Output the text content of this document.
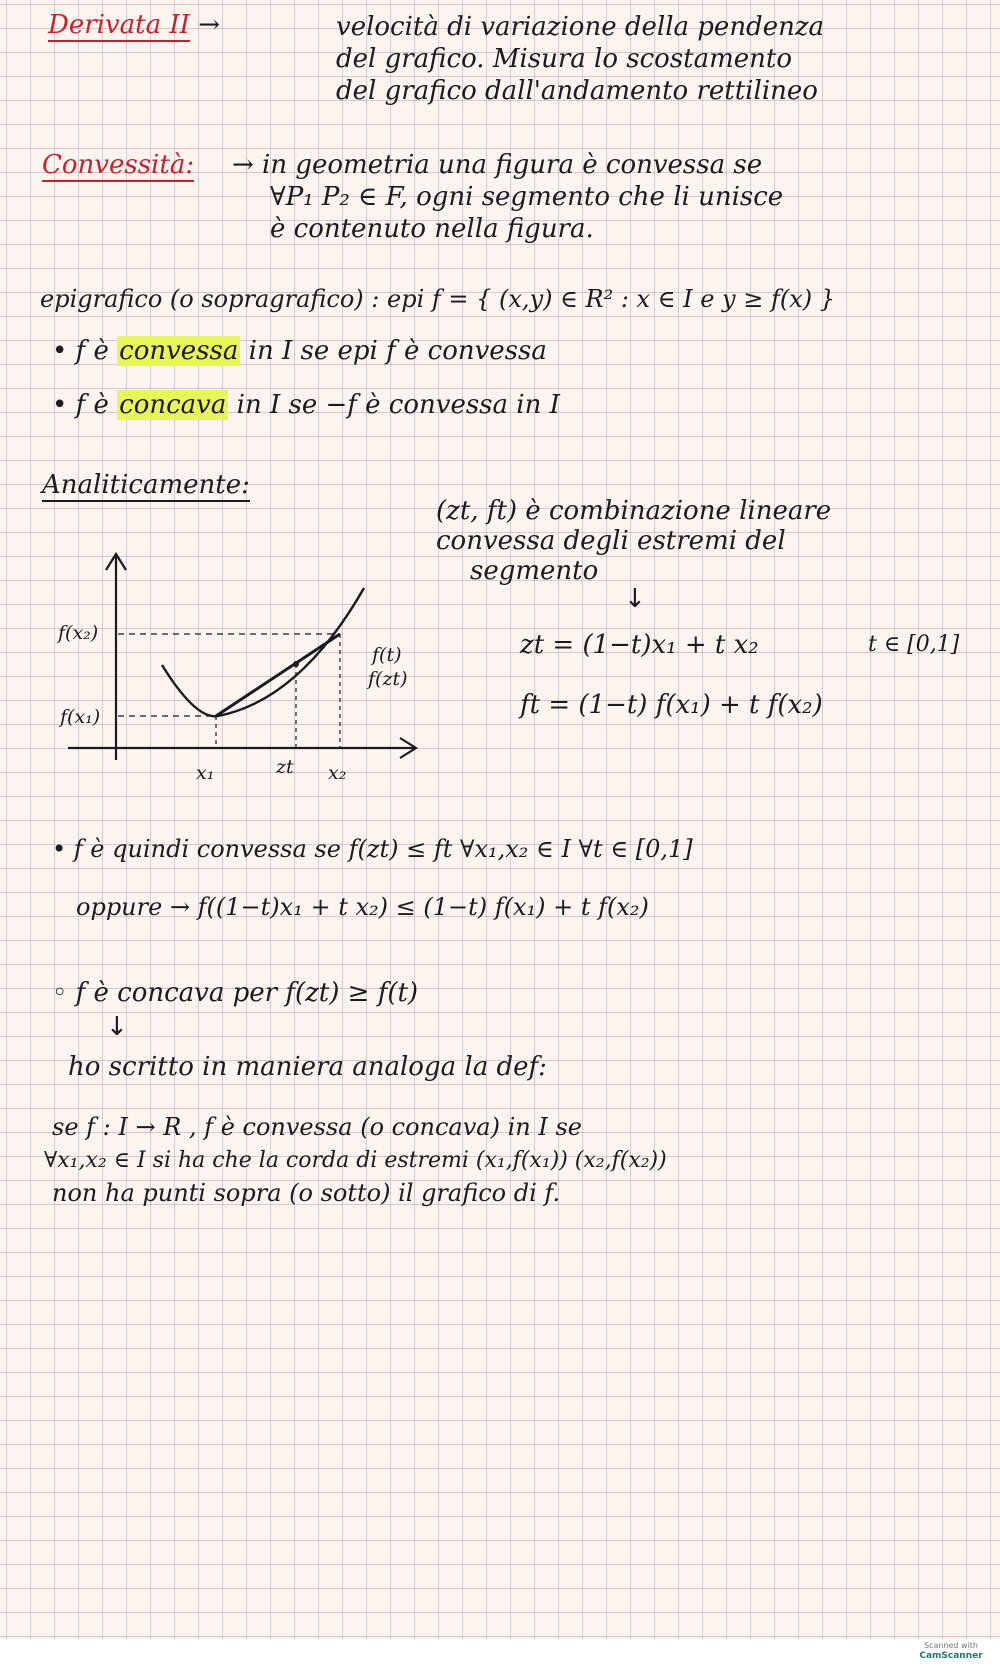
Derivata II →	velocità di variazione della pendenza
del grafico. Misura lo scostamento
del grafico dall'andamento rettilineo
Convessità: → in geometria una figura è convessa se
∀P₁ P₂ ∈ F, ogni segmento che li unisce
è contenuto nella figura.
epigrafico (o sopragrafico) : epi f = { (x,y) ∈ R² : x ∈ I e y ≥ f(x) }
• f è convessa in I se epi f è convessa
• f è concava in I se −f è convessa in I
Analiticamente:
(zt, ft) è combinazione lineare
convessa degli estremi del
segmento
↓
zt = (1−t)x₁ + t x₂	t ∈ [0,1]
ft = (1−t) f(x₁) + t f(x₂)
f(x₂)
f(x₁)
f(t)
f(zt)
x₁	zt x₂
• f è quindi convessa se f(zt) ≤ ft ∀x₁,x₂ ∈ I ∀t ∈ [0,1]
oppure → f((1−t)x₁ + t x₂) ≤ (1−t) f(x₁) + t f(x₂)
◦ f è concava per f(zt) ≥ f(t)
↓
ho scritto in maniera analoga la def:
se f : I → R , f è convessa (o concava) in I se
∀x₁,x₂ ∈ I si ha che la corda di estremi (x₁,f(x₁)) (x₂,f(x₂))
non ha punti sopra (o sotto) il grafico di f.
Scanned with
CamScanner
